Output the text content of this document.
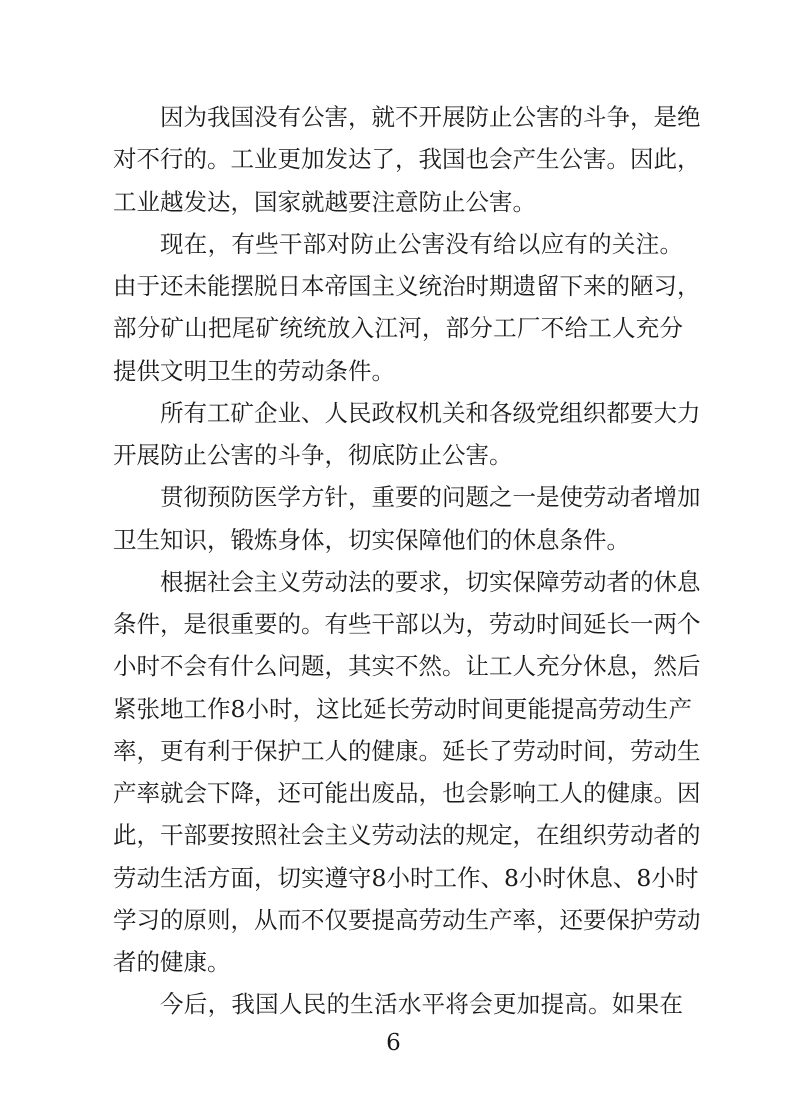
因为我国没有公害，就不开展防止公害的斗争，是绝
对不行的。工业更加发达了，我国也会产生公害。因此，
工业越发达，国家就越要注意防止公害。

现在，有些干部对防止公害没有给以应有的关注。
由于还未能摆脱日本帝国主义统治时期遗留下来的陋习，
部分矿山把尾矿统统放入江河，部分工厂不给工人充分
提供文明卫生的劳动条件。

所有工矿企业、人民政权机关和各级党组织都要大力
开展防止公害的斗争，彻底防止公害。

贯彻预防医学方针，重要的问题之一是使劳动者增加
卫生知识，锻炼身体，切实保障他们的休息条件。

根据社会主义劳动法的要求，切实保障劳动者的休息
条件，是很重要的。有些干部以为，劳动时间延长一两个
小时不会有什么问题，其实不然。让工人充分休息，然后
紧张地工作8小时，这比延长劳动时间更能提高劳动生产
率，更有利于保护工人的健康。延长了劳动时间，劳动生
产率就会下降，还可能出废品，也会影响工人的健康。因
此，干部要按照社会主义劳动法的规定，在组织劳动者的
劳动生活方面，切实遵守8小时工作、8小时休息、8小时
学习的原则，从而不仅要提高劳动生产率，还要保护劳动
者的健康。

今后，我国人民的生活水平将会更加提高。如果在

6
